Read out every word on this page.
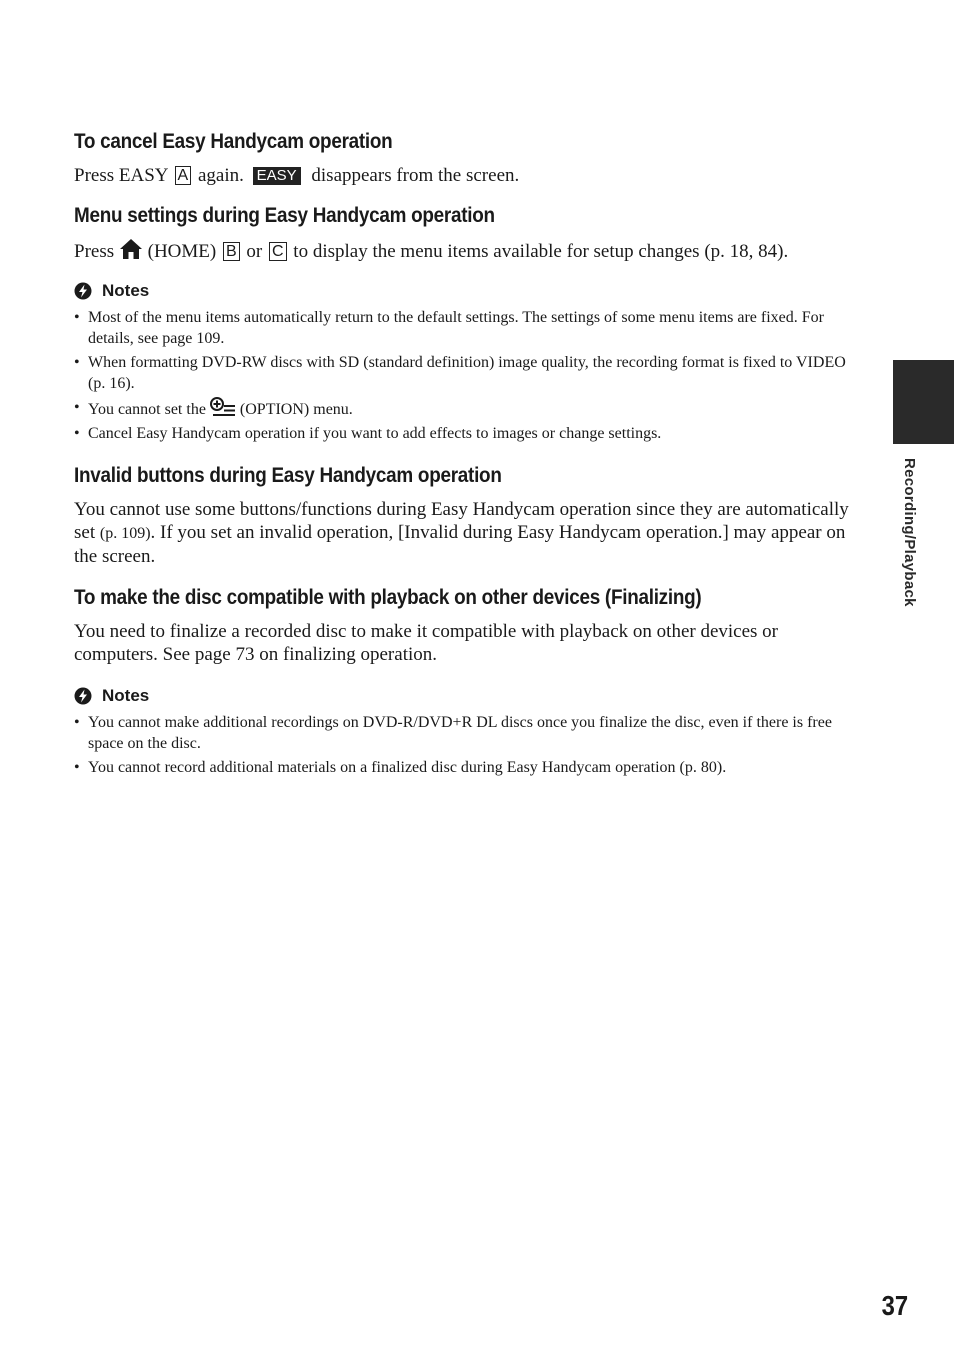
Recording/Playback
37
To cancel Easy Handycam operation

Press EASY A again. EASY disappears from the screen.

Menu settings during Easy Handycam operation

Press (HOME) B or C to display the menu items available for setup changes (p. 18, 84).

Notes
• Most of the menu items automatically return to the default settings. The settings of some menu items are fixed. For details, see page 109.
• When formatting DVD-RW discs with SD (standard definition) image quality, the recording format is fixed to VIDEO (p. 16).
• You cannot set the (OPTION) menu.
• Cancel Easy Handycam operation if you want to add effects to images or change settings.
Invalid buttons during Easy Handycam operation

You cannot use some buttons/functions during Easy Handycam operation since they are automatically set (p. 109). If you set an invalid operation, [Invalid during Easy Handycam operation.] may appear on the screen.

To make the disc compatible with playback on other devices (Finalizing)

You need to finalize a recorded disc to make it compatible with playback on other devices or computers. See page 73 on finalizing operation.

Notes
• You cannot make additional recordings on DVD-R/DVD+R DL discs once you finalize the disc, even if there is free space on the disc.
• You cannot record additional materials on a finalized disc during Easy Handycam operation (p. 80).
